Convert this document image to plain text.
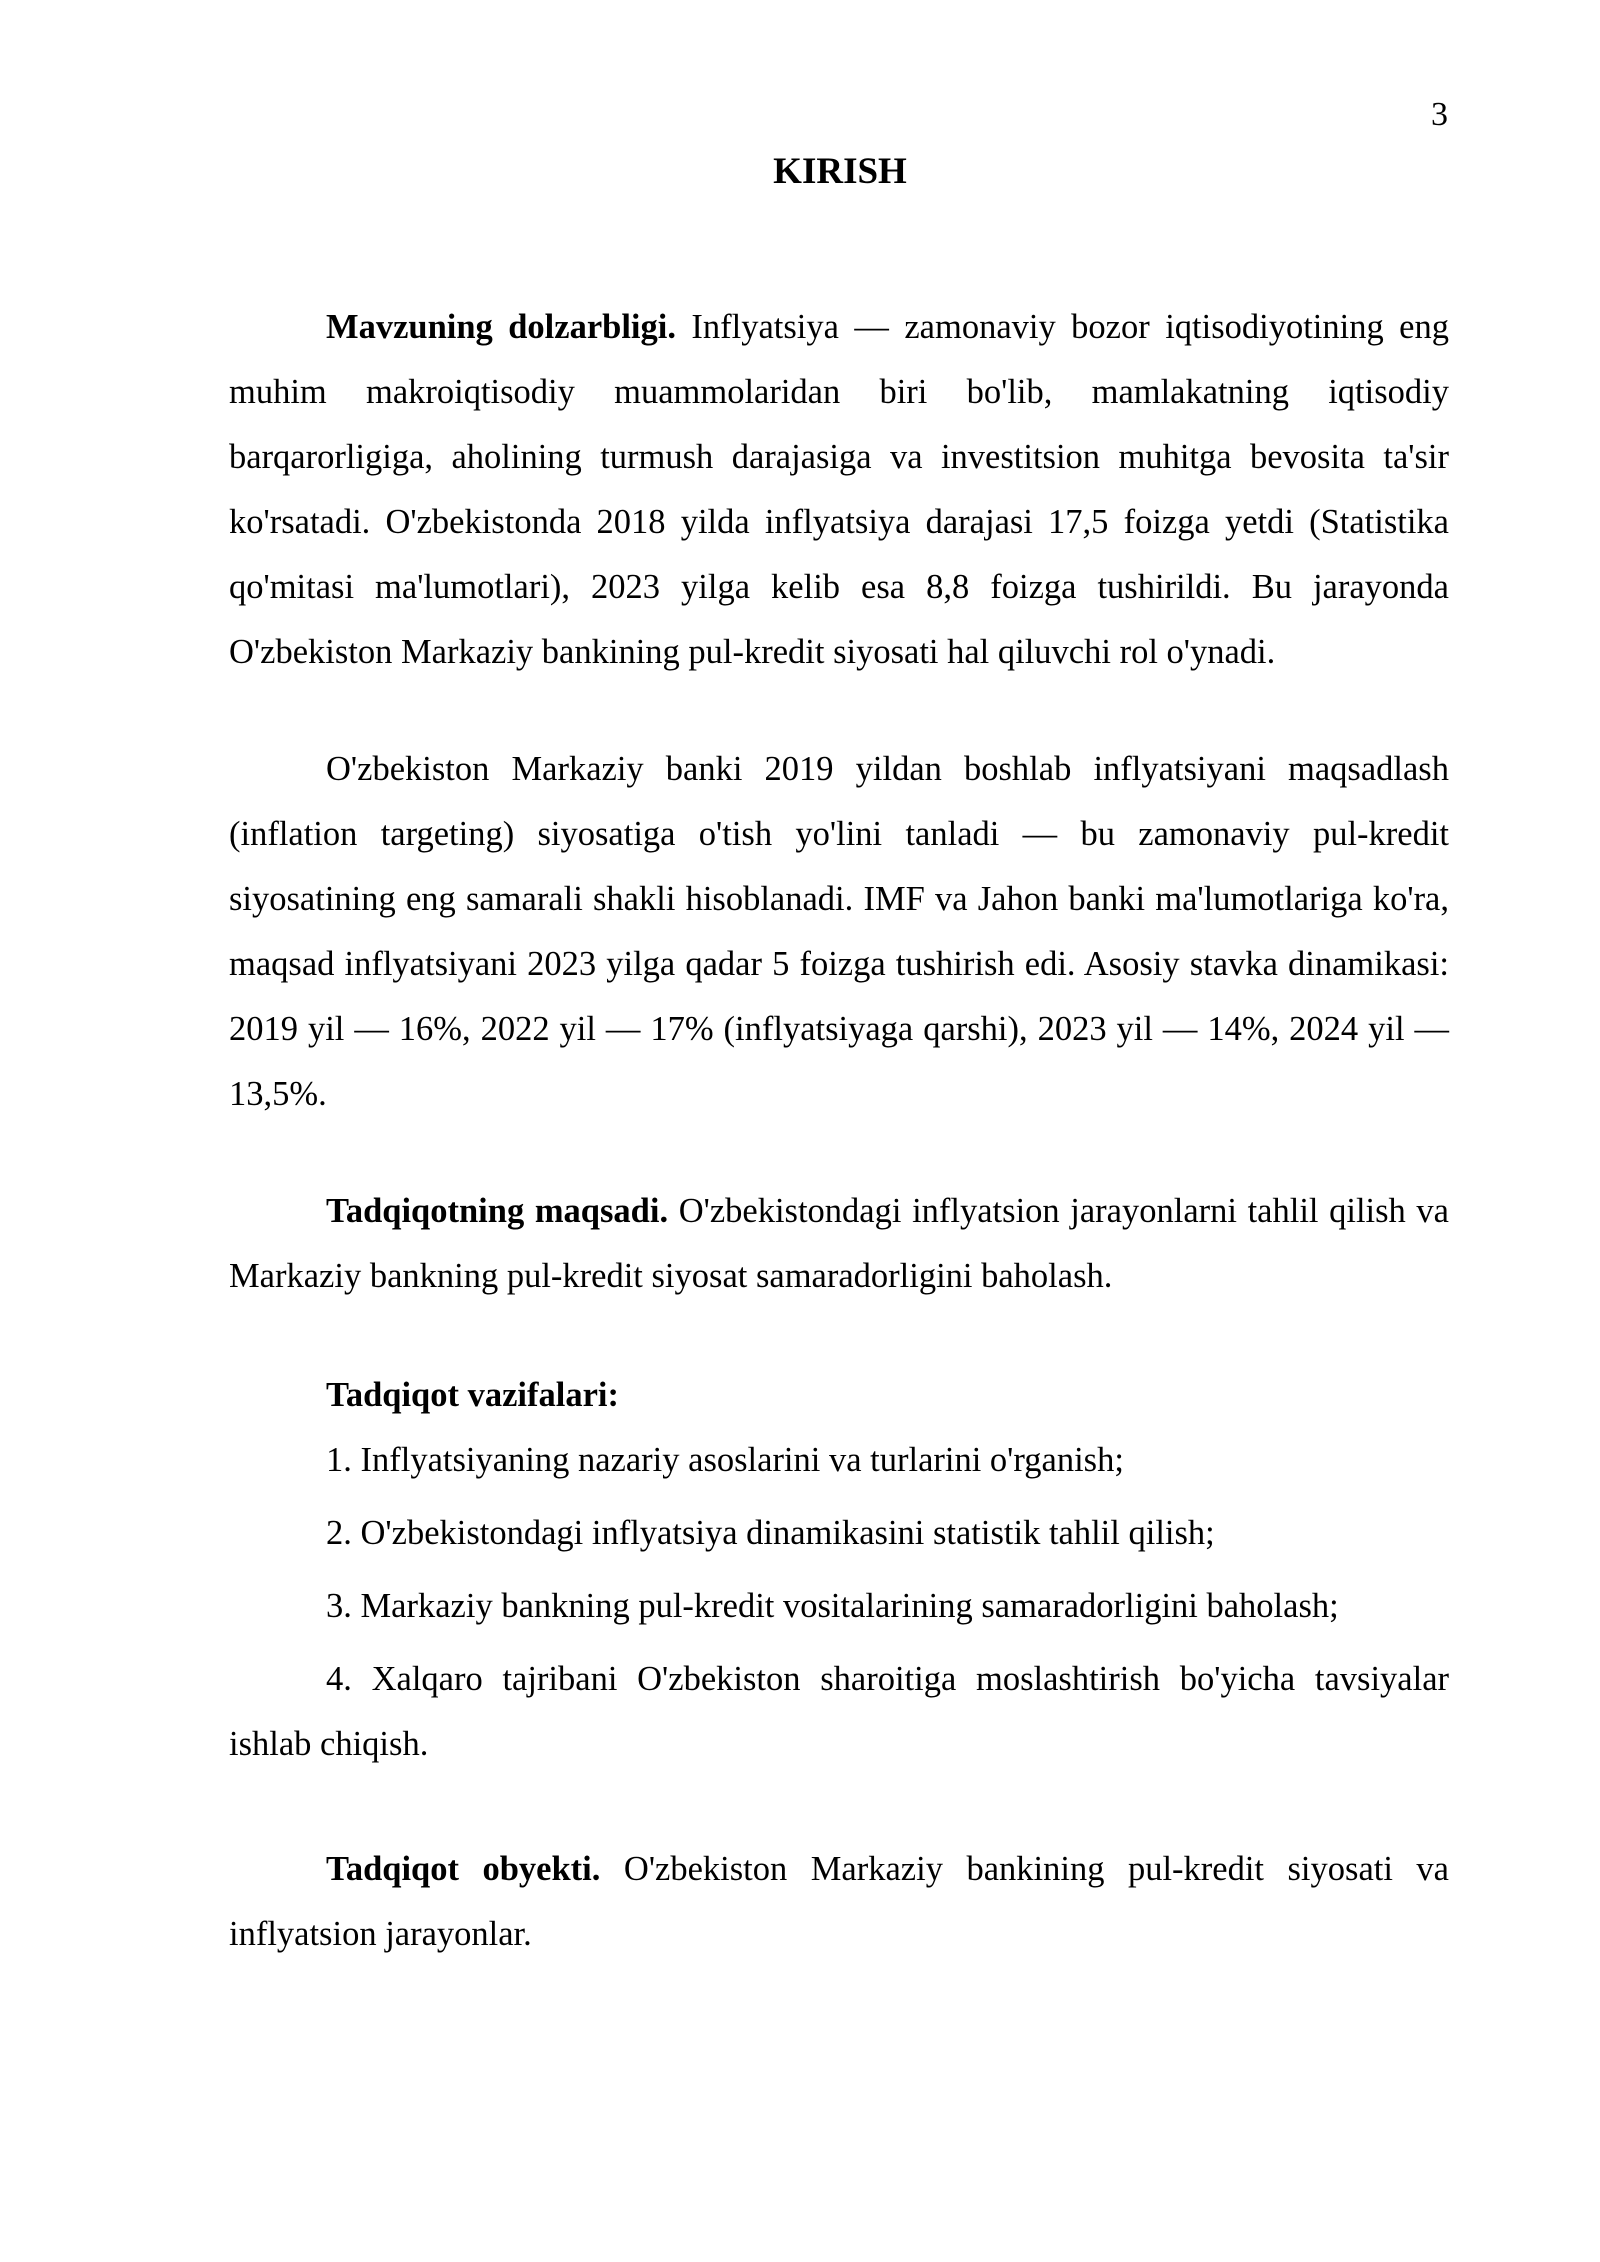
3
KIRISH

Mavzuning dolzarbligi. Inflyatsiya — zamonaviy bozor iqtisodiyotining eng muhim makroiqtisodiy muammolaridan biri bo'lib, mamlakatning iqtisodiy barqarorligiga, aholining turmush darajasiga va investitsion muhitga bevosita ta'sir ko'rsatadi. O'zbekistonda 2018 yilda inflyatsiya darajasi 17,5 foizga yetdi (Statistika qo'mitasi ma'lumotlari), 2023 yilga kelib esa 8,8 foizga tushirildi. Bu jarayonda O'zbekiston Markaziy bankining pul-kredit siyosati hal qiluvchi rol o'ynadi.

O'zbekiston Markaziy banki 2019 yildan boshlab inflyatsiyani maqsadlash (inflation targeting) siyosatiga o'tish yo'lini tanladi — bu zamonaviy pul-kredit siyosatining eng samarali shakli hisoblanadi. IMF va Jahon banki ma'lumotlariga ko'ra, maqsad inflyatsiyani 2023 yilga qadar 5 foizga tushirish edi. Asosiy stavka dinamikasi: 2019 yil — 16%, 2022 yil — 17% (inflyatsiyaga qarshi), 2023 yil — 14%, 2024 yil — 13,5%.

Tadqiqotning maqsadi. O'zbekistondagi inflyatsion jarayonlarni tahlil qilish va Markaziy bankning pul-kredit siyosat samaradorligini baholash.

Tadqiqot vazifalari:

1. Inflyatsiyaning nazariy asoslarini va turlarini o'rganish;
2. O'zbekistondagi inflyatsiya dinamikasini statistik tahlil qilish;
3. Markaziy bankning pul-kredit vositalarining samaradorligini baholash;
4. Xalqaro tajribani O'zbekiston sharoitiga moslashtirish bo'yicha tavsiyalar ishlab chiqish.

Tadqiqot obyekti. O'zbekiston Markaziy bankining pul-kredit siyosati va inflyatsion jarayonlar.
